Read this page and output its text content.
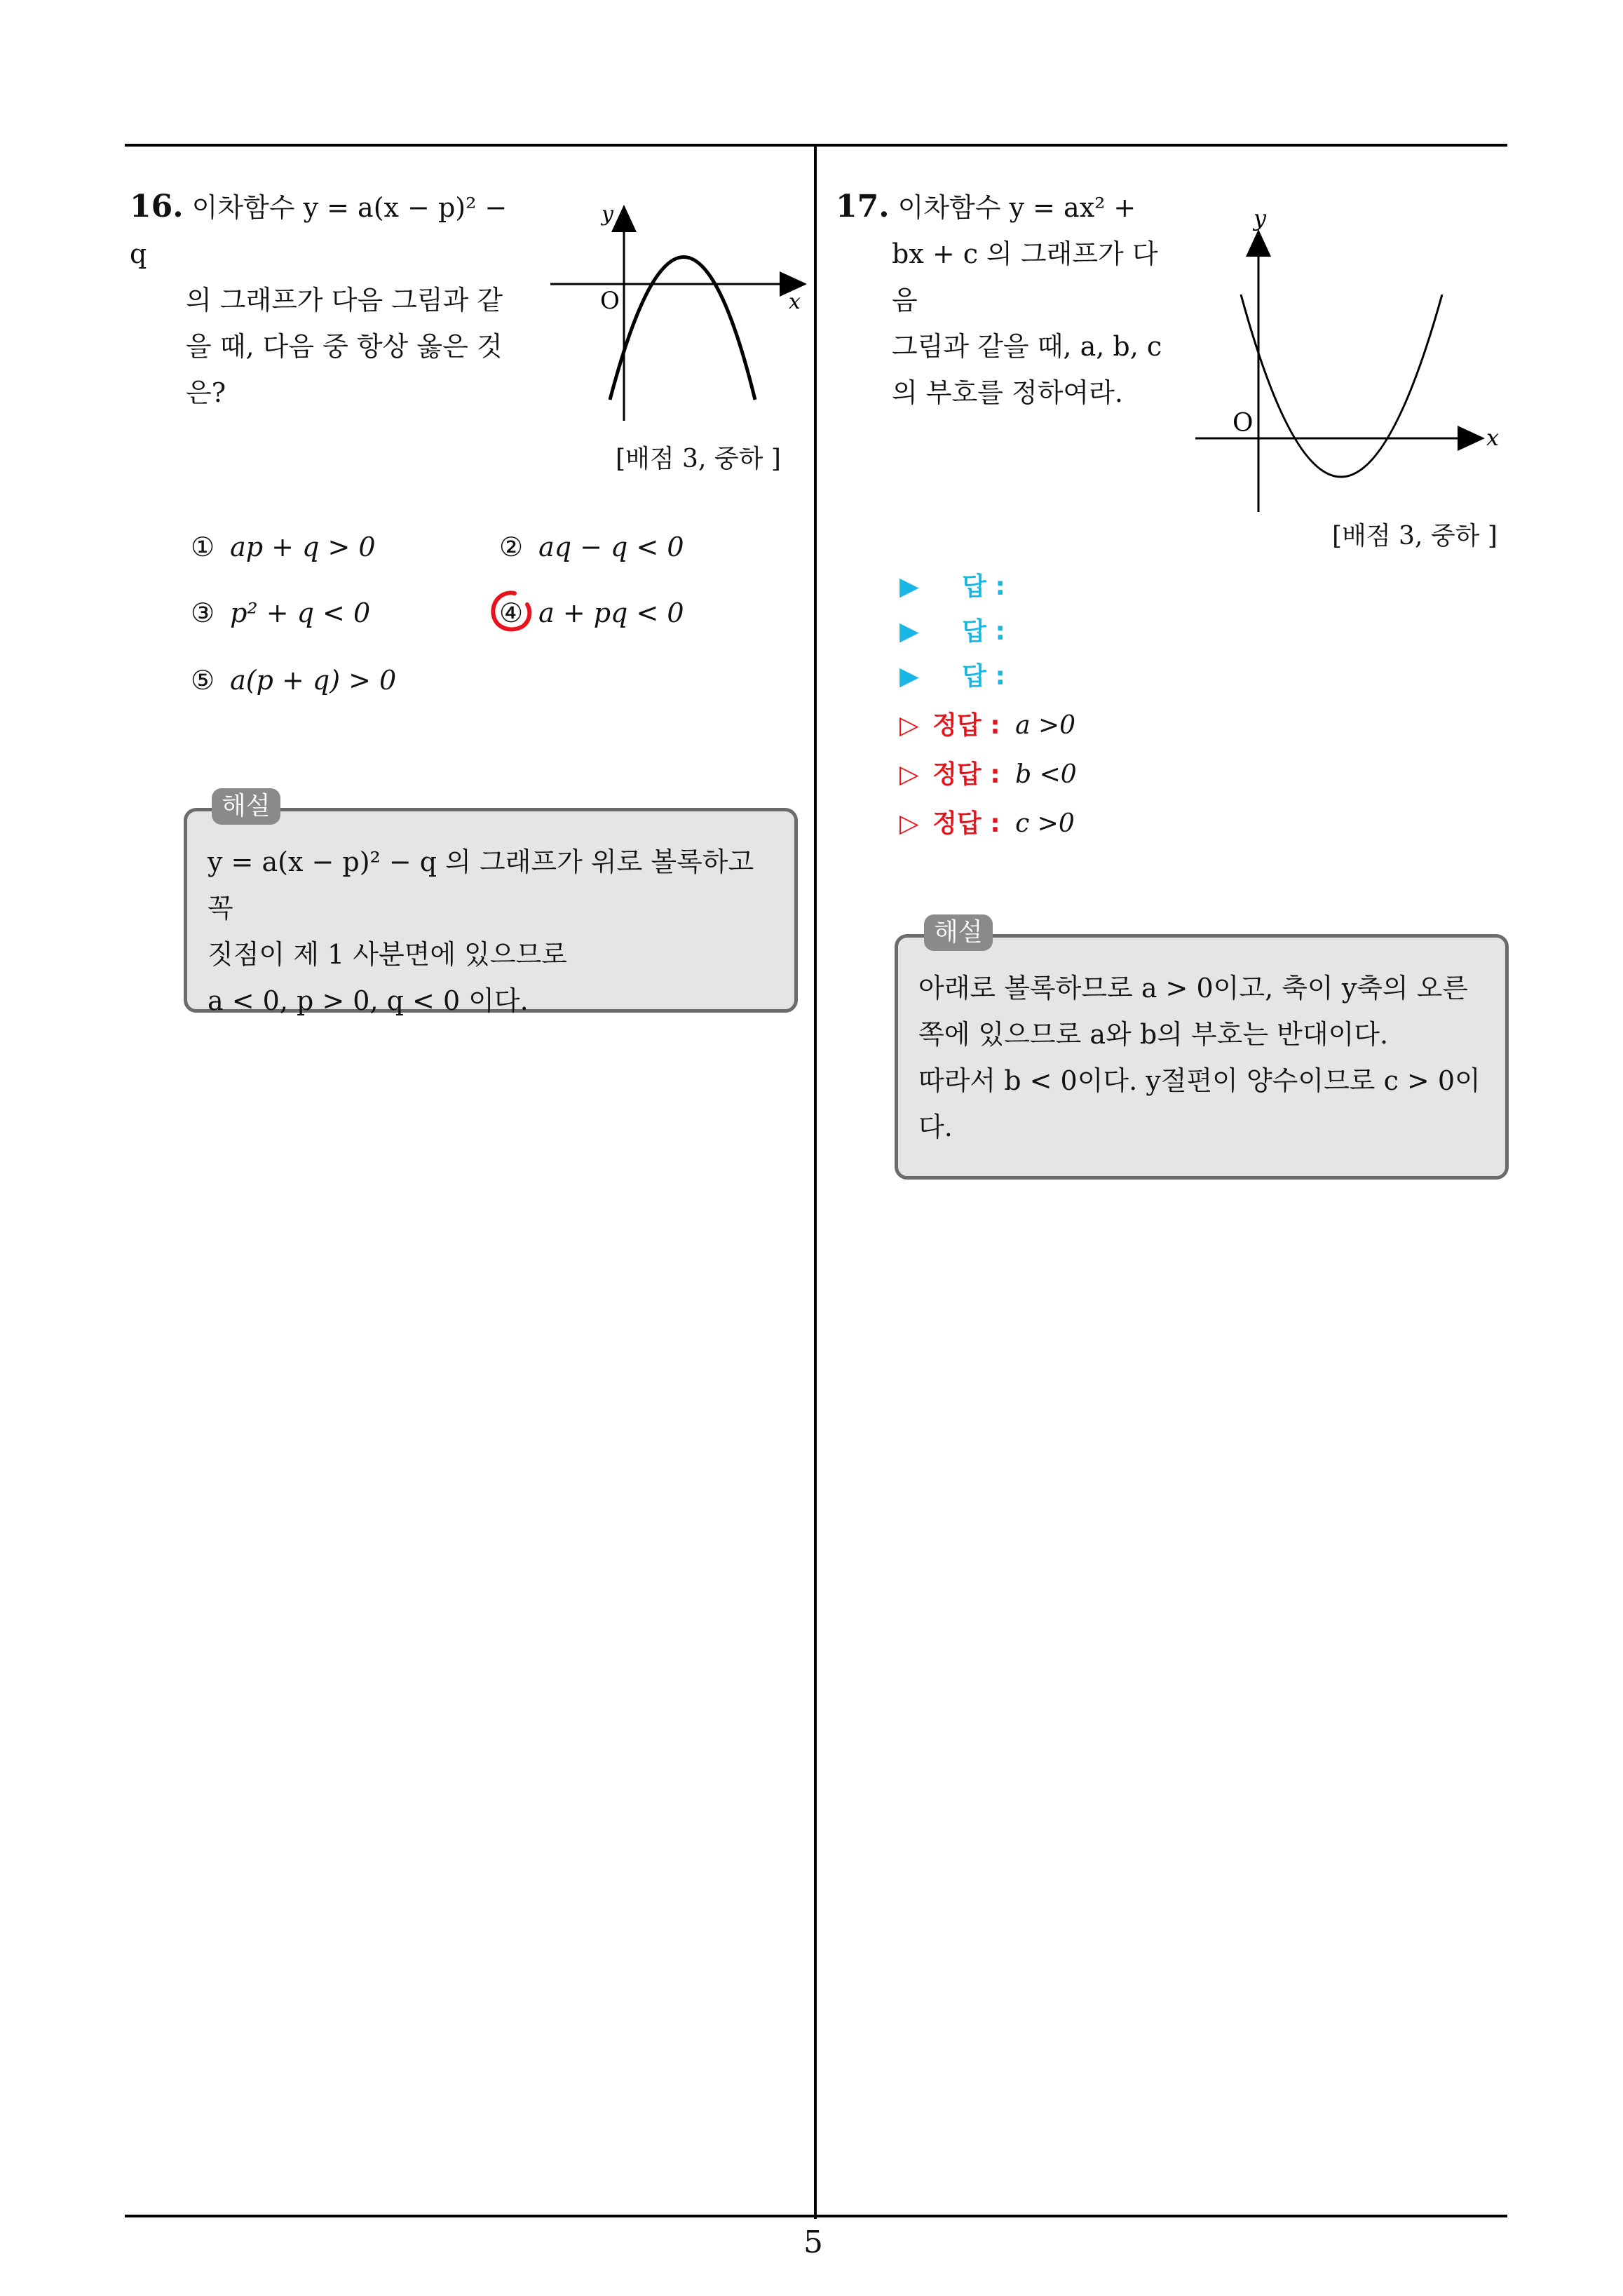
16. 이차함수 y = a(x − p)² − q
의 그래프가 다음 그림과 같
을 때, 다음 중 항상 옳은 것
은?
y
x
O
[배점 3, 중하 ]
① ap + q > 0	② aq − q < 0
③ p² + q < 0	④ a + pq < 0
⑤ a(p + q) > 0
해설
y = a(x − p)² − q 의 그래프가 위로 볼록하고 꼭
짓점이 제 1 사분면에 있으므로
a < 0, p > 0, q < 0 이다.
17. 이차함수 y = ax² +
bx + c 의 그래프가 다음
그림과 같을 때, a, b, c
의 부호를 정하여라.
y
x
O
[배점 3, 중하 ]
▶ 답 :
▶ 답 :
▶ 답 :
▷ 정답 : a >0
▷ 정답 : b <0
▷ 정답 : c >0
해설
아래로 볼록하므로 a > 0이고, 축이 y축의 오른
쪽에 있으므로 a와 b의 부호는 반대이다.
따라서 b < 0이다. y절편이 양수이므로 c > 0이
다.
5
